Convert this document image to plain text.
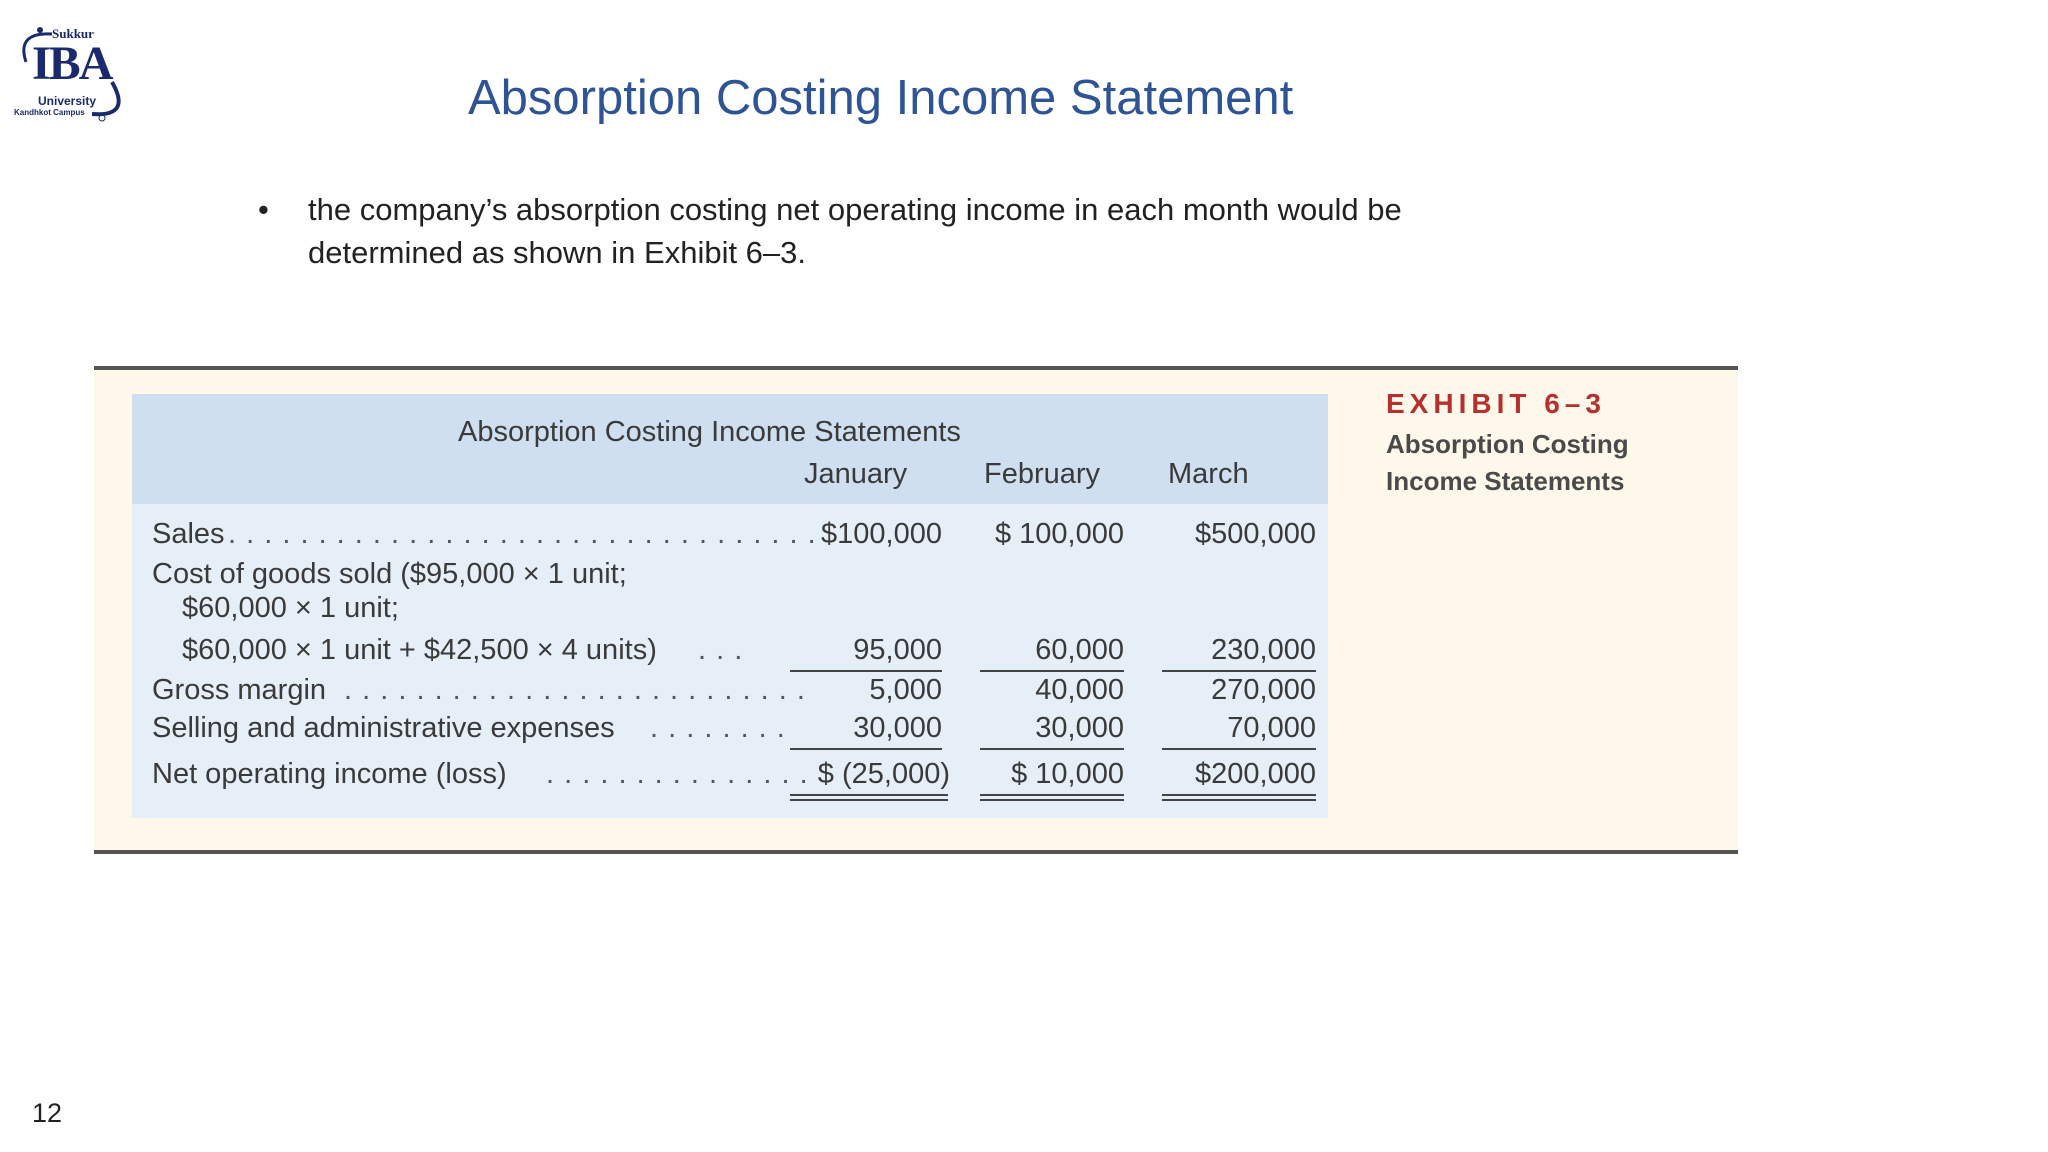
Sukkur
IBA
University
Kandhkot Campus	Absorption Costing Income Statement
• the company’s absorption costing net operating income in each month would be determined as shown in Exhibit 6–3.
Absorption Costing Income Statements
January	February March
Sales . . . . . . . . . . . . . . . . . . . . . . . . . . . . . . . . . $100,000	$ 100,000	$500,000
Cost of goods sold ($95,000 × 1 unit;
$60,000 × 1 unit;
$60,000 × 1 unit + $42,500 × 4 units) . . .	95,000	60,000	230,000
Gross margin . . . . . . . . . . . . . . . . . . . . . . . . . .	5,000	40,000	270,000
Selling and administrative expenses . . . . . . . .	30,000	30,000	70,000
Net operating income (loss) . . . . . . . . . . . . . . . $ (25,000)	$ 10,000	$200,000
EXHIBIT 6–3
Absorption Costing Income Statements
12
